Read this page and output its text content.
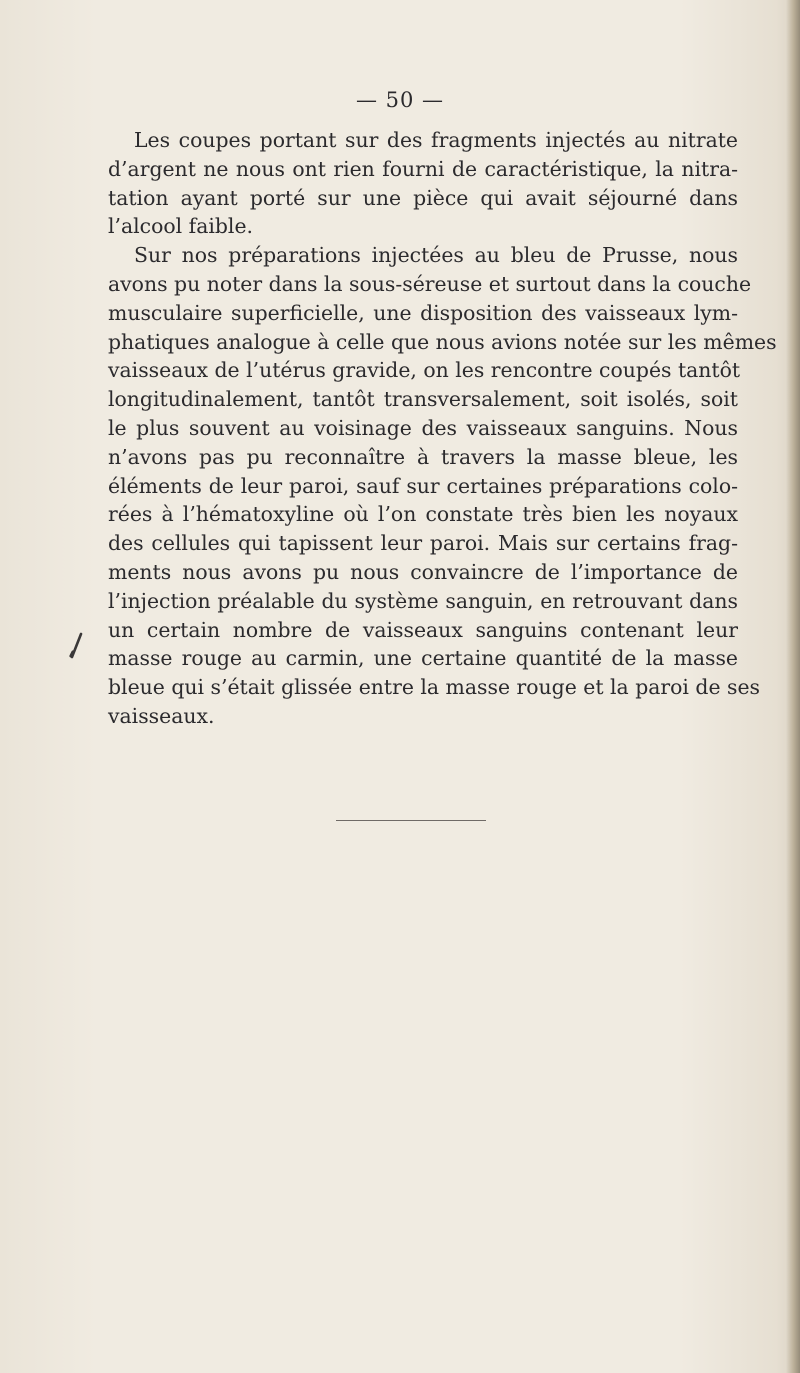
— 50 —
Les coupes portant sur des fragments injectés au nitrate
d’argent ne nous ont rien fourni de caractéristique, la nitra-
tation ayant porté sur une pièce qui avait séjourné dans
l’alcool faible.
Sur nos préparations injectées au bleu de Prusse, nous
avons pu noter dans la sous-séreuse et surtout dans la couche
musculaire superficielle, une disposition des vaisseaux lym-
phatiques analogue à celle que nous avions notée sur les mêmes
vaisseaux de l’utérus gravide, on les rencontre coupés tantôt
longitudinalement, tantôt transversalement, soit isolés, soit
le plus souvent au voisinage des vaisseaux sanguins. Nous
n’avons pas pu reconnaître à travers la masse bleue, les
éléments de leur paroi, sauf sur certaines préparations colo-
rées à l’hématoxyline où l’on constate très bien les noyaux
des cellules qui tapissent leur paroi. Mais sur certains frag-
ments nous avons pu nous convaincre de l’importance de
l’injection préalable du système sanguin, en retrouvant dans
un certain nombre de vaisseaux sanguins contenant leur
masse rouge au carmin, une certaine quantité de la masse
bleue qui s’était glissée entre la masse rouge et la paroi de ses
vaisseaux.
